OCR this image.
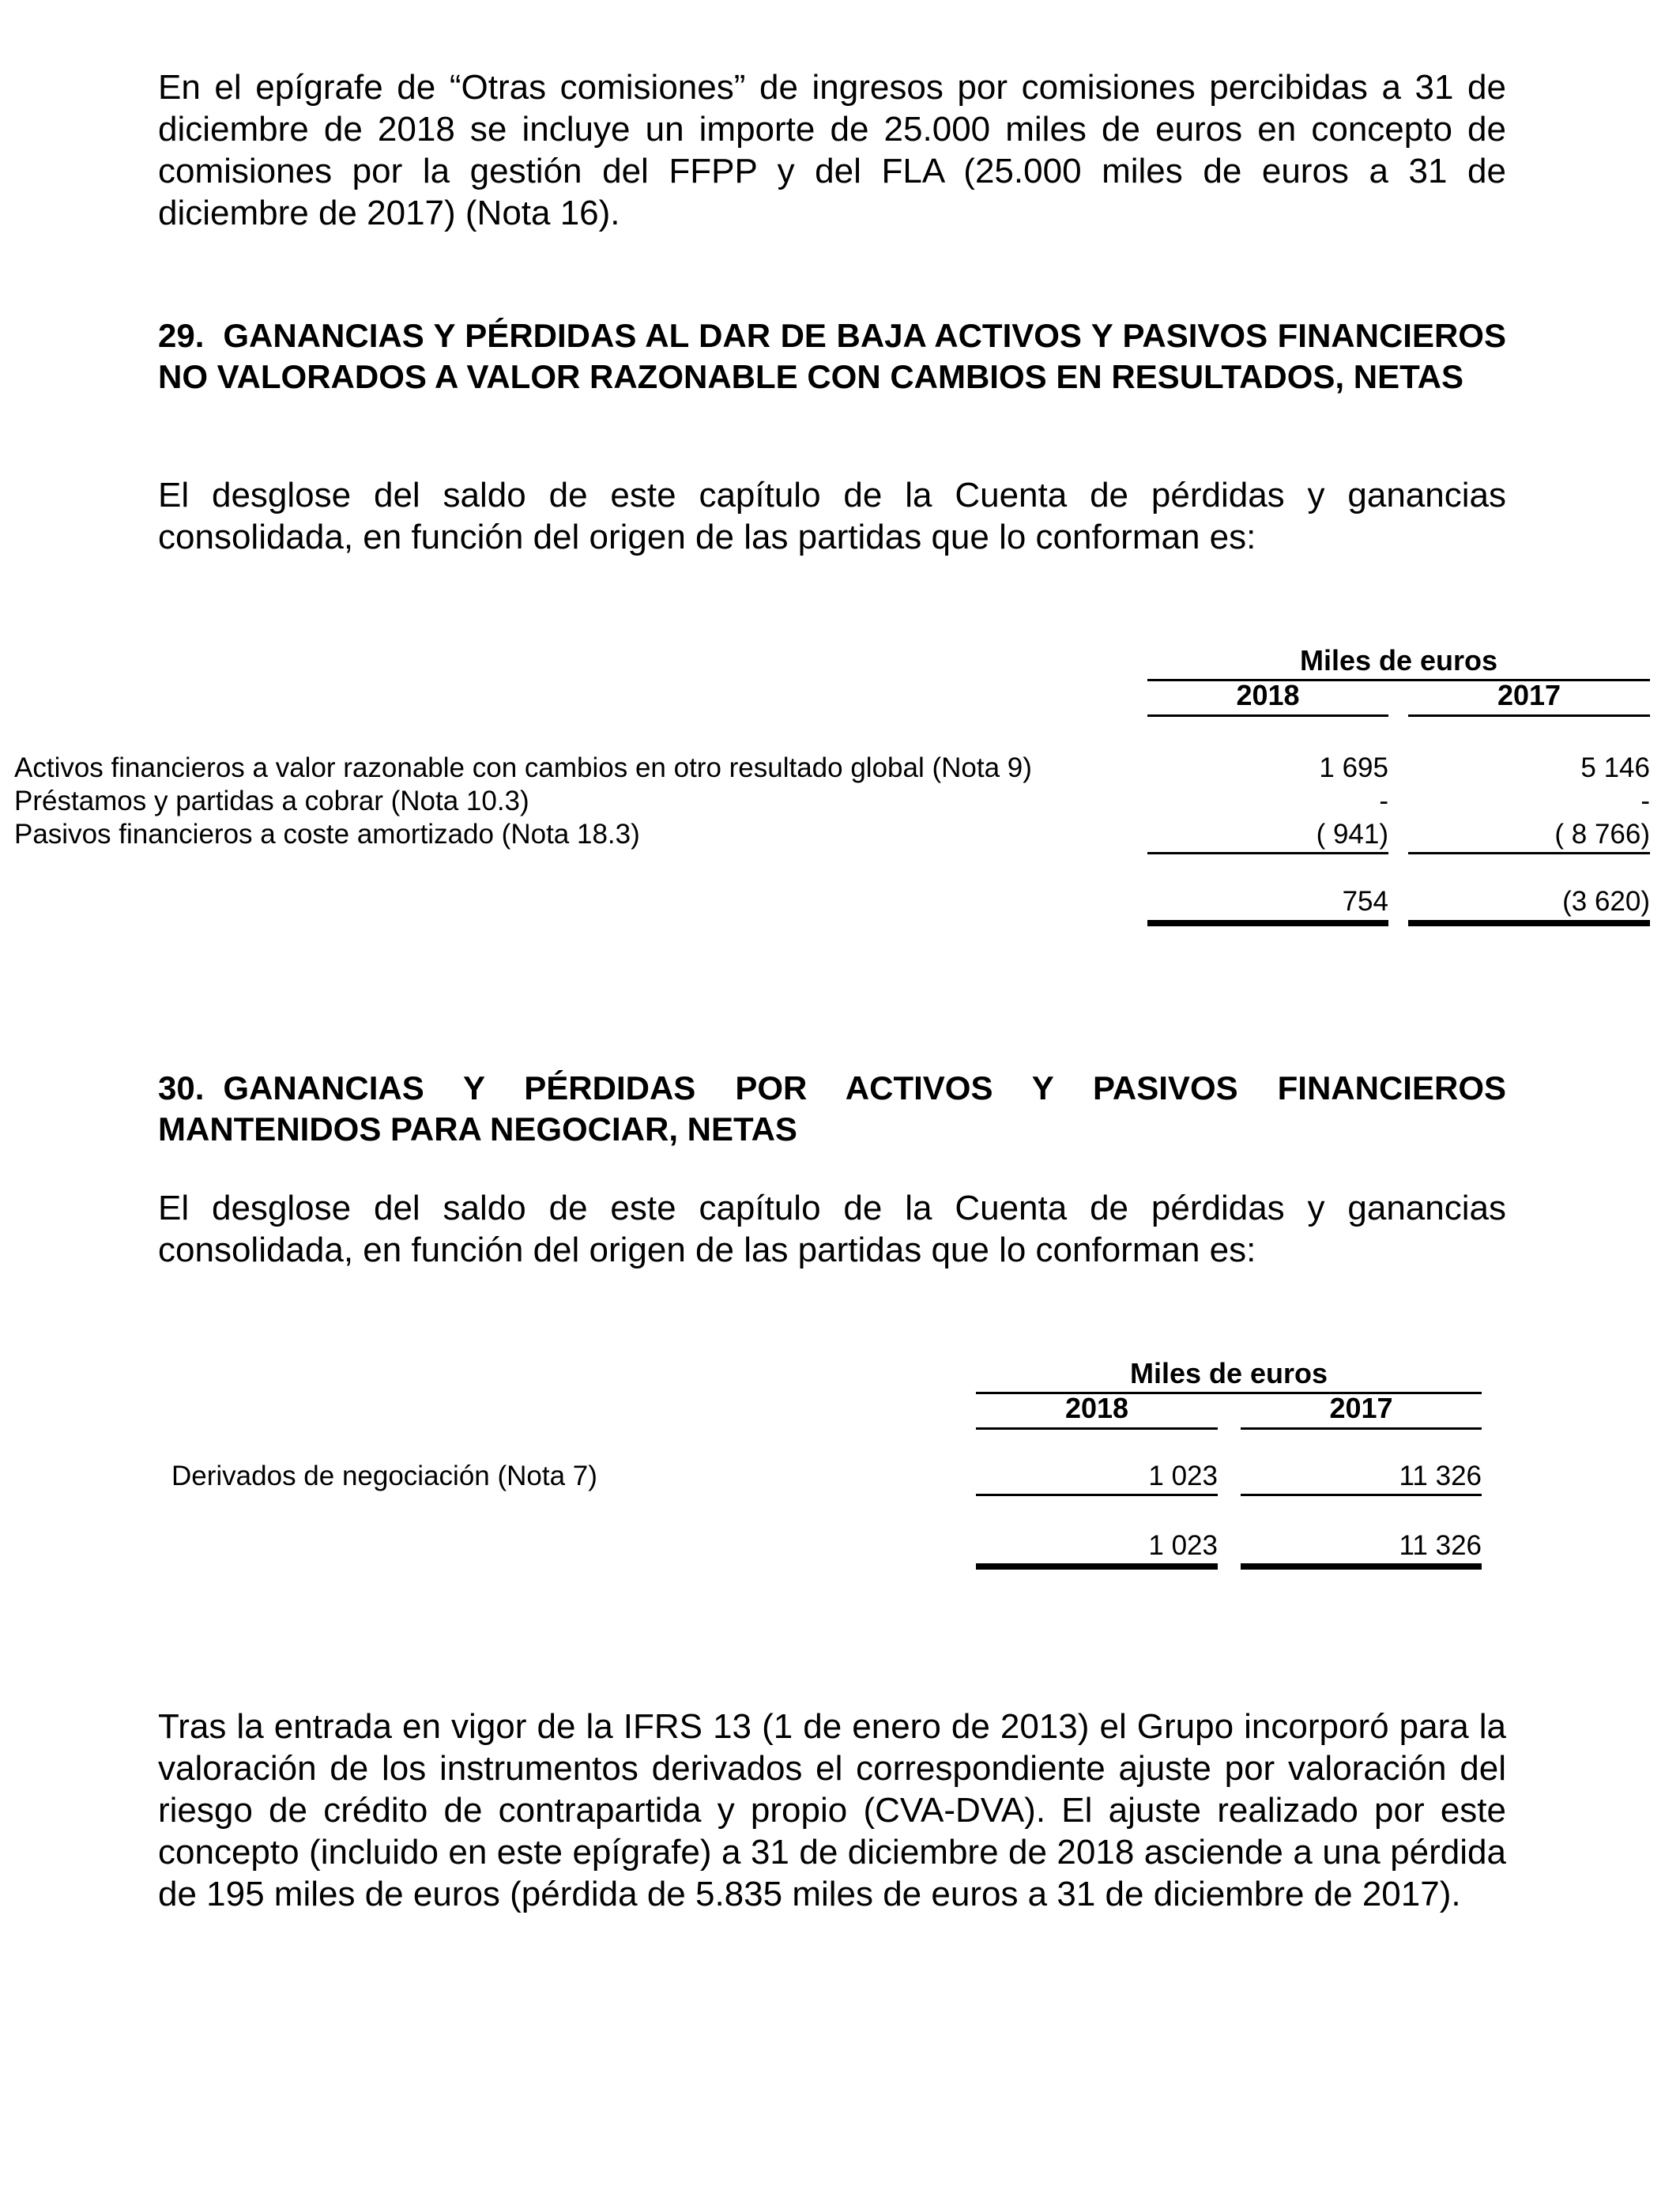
En el epígrafe de “Otras comisiones” de ingresos por comisiones percibidas a 31 de diciembre de 2018 se incluye un importe de 25.000 miles de euros en concepto de comisiones por la gestión del FFPP y del FLA (25.000 miles de euros a 31 de diciembre de 2017) (Nota 16).

29. GANANCIAS Y PÉRDIDAS AL DAR DE BAJA ACTIVOS Y PASIVOS FINANCIEROS NO VALORADOS A VALOR RAZONABLE CON CAMBIOS EN RESULTADOS, NETAS

El desglose del saldo de este capítulo de la Cuenta de pérdidas y ganancias consolidada, en función del origen de las partidas que lo conforman es:

Miles de euros
2018	2017
Activos financieros a valor razonable con cambios en otro resultado global (Nota 9)	1 695	5 146
Préstamos y partidas a cobrar (Nota 10.3)	-	-
Pasivos financieros a coste amortizado (Nota 18.3)	( 941)	( 8 766)
754	(3 620)
30. GANANCIAS Y PÉRDIDAS POR ACTIVOS Y PASIVOS FINANCIEROS MANTENIDOS PARA NEGOCIAR, NETAS

El desglose del saldo de este capítulo de la Cuenta de pérdidas y ganancias consolidada, en función del origen de las partidas que lo conforman es:

Miles de euros
2018	2017
Derivados de negociación (Nota 7)	1 023	11 326
1 023	11 326

Tras la entrada en vigor de la IFRS 13 (1 de enero de 2013) el Grupo incorporó para la valoración de los instrumentos derivados el correspondiente ajuste por valoración del riesgo de crédito de contrapartida y propio (CVA-DVA). El ajuste realizado por este concepto (incluido en este epígrafe) a 31 de diciembre de 2018 asciende a una pérdida de 195 miles de euros (pérdida de 5.835 miles de euros a 31 de diciembre de 2017).
